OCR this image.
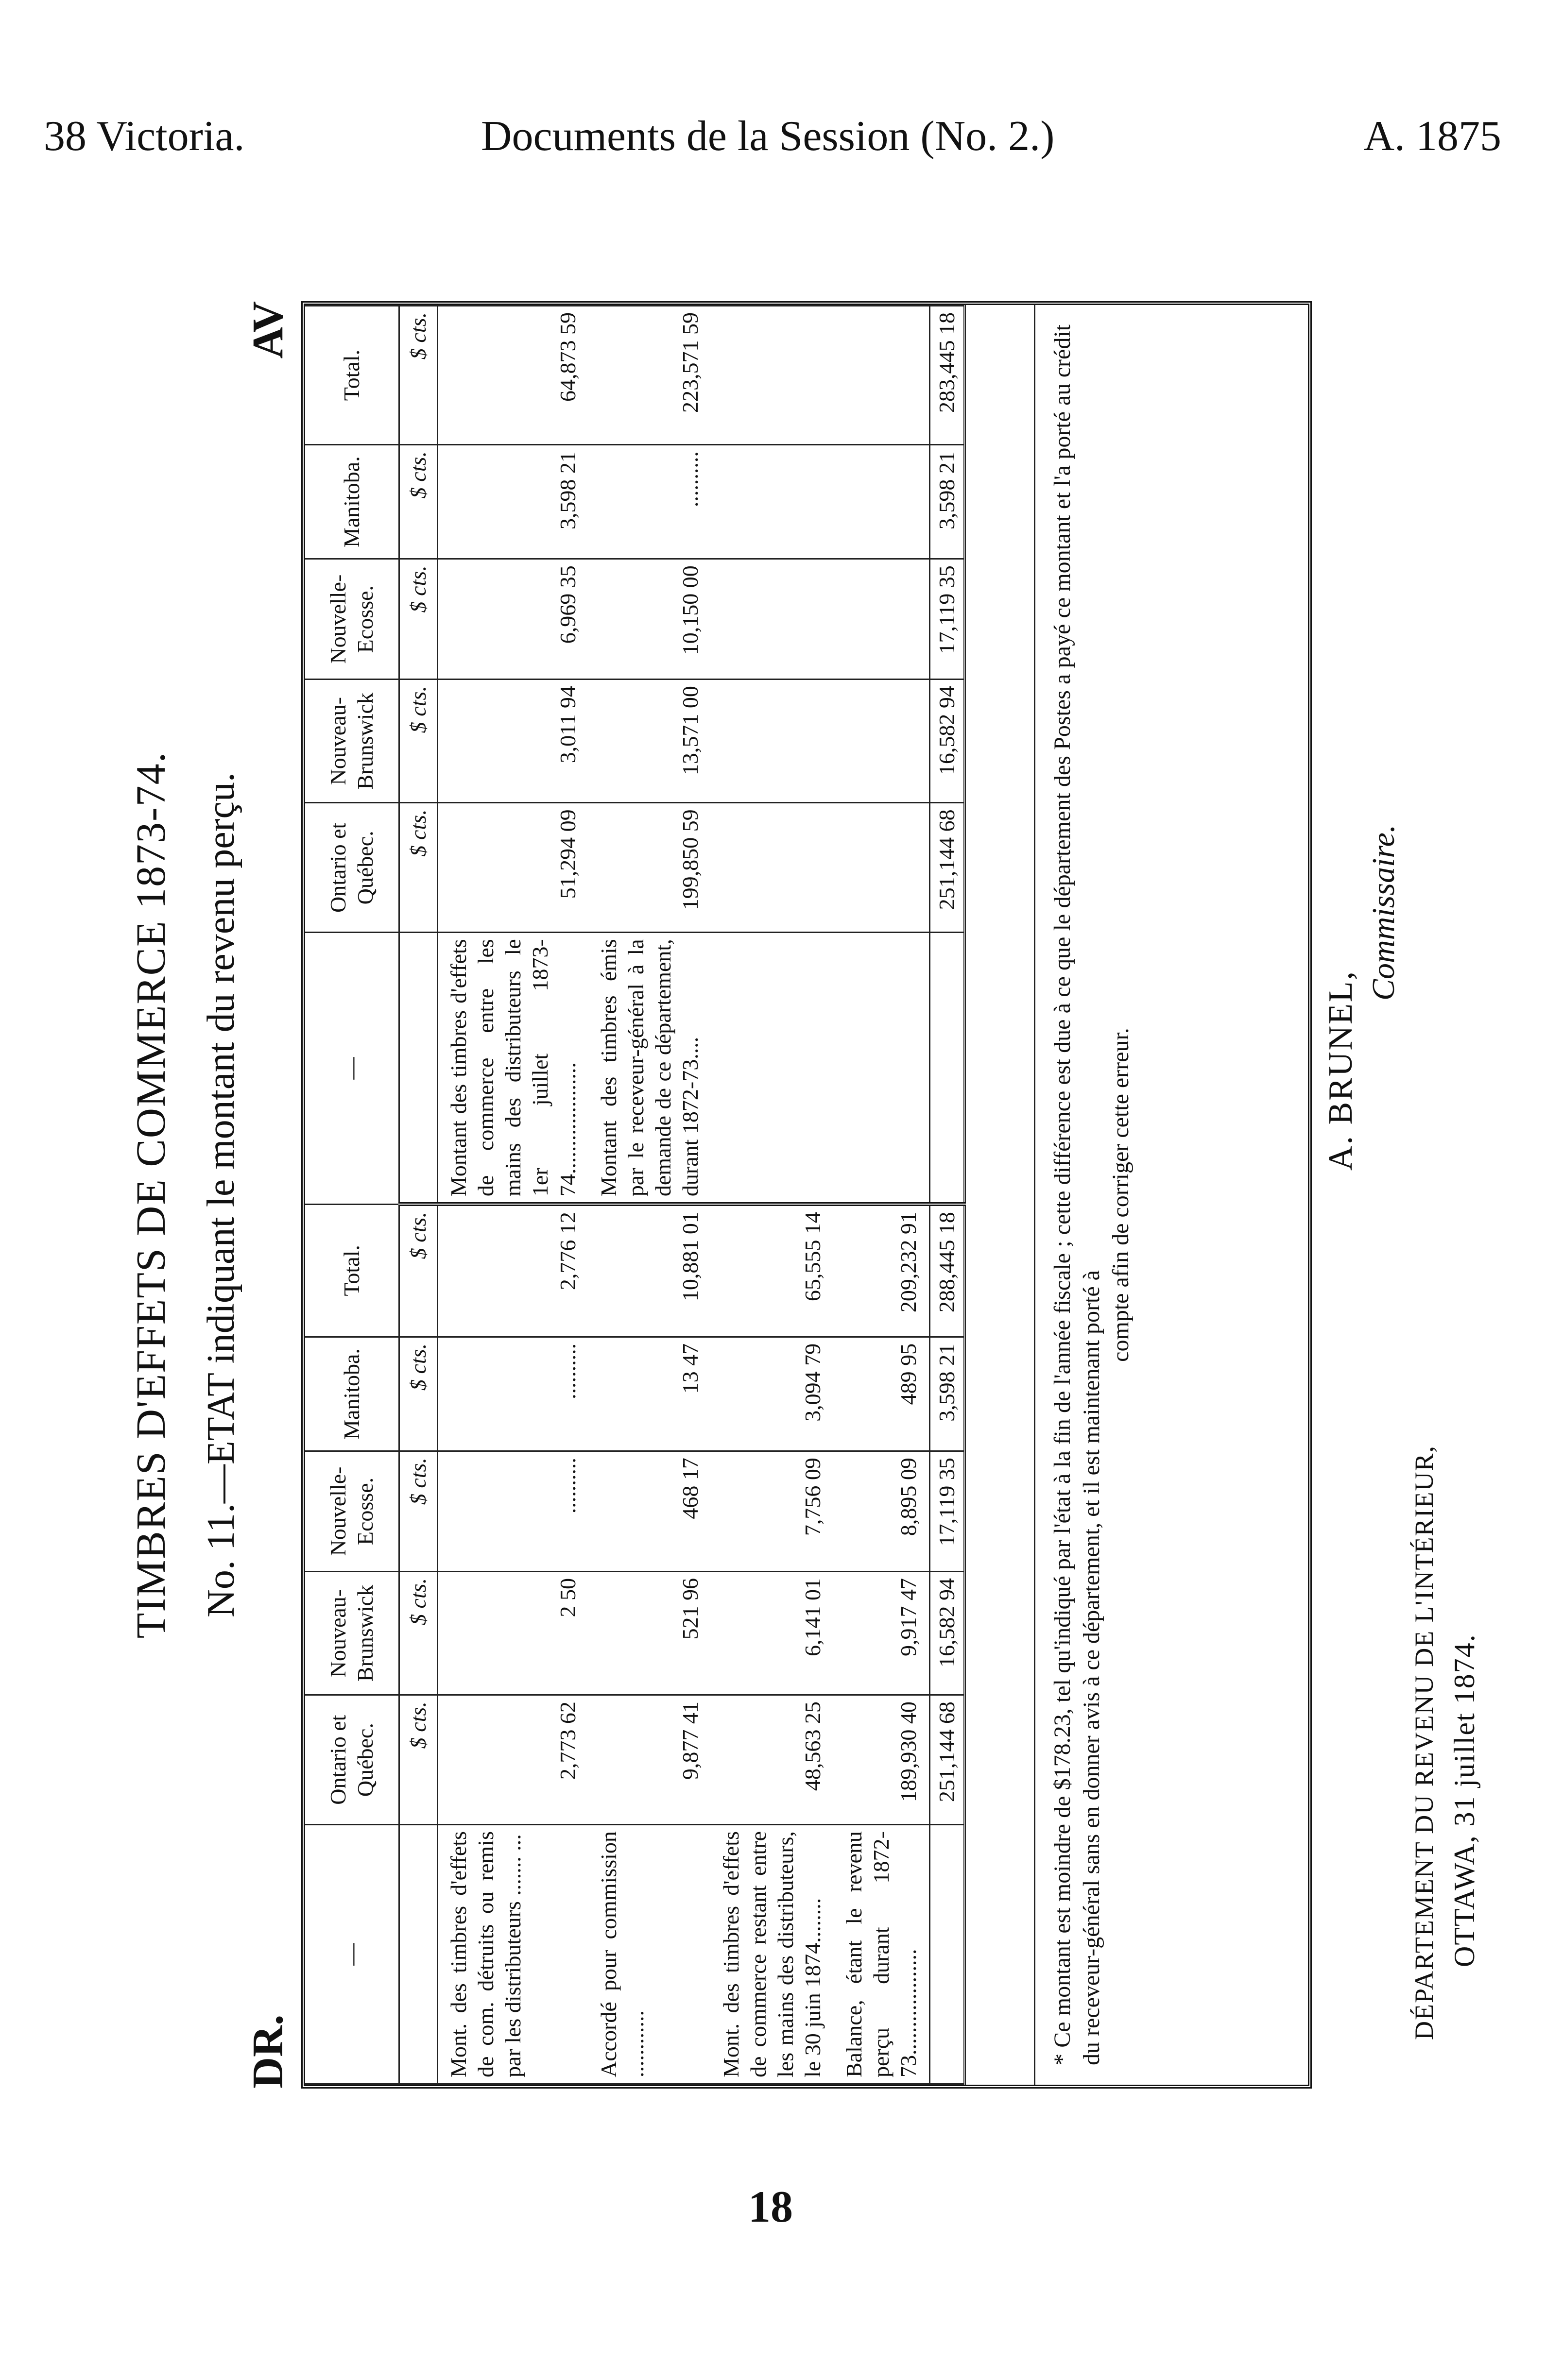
38 Victoria.	Documents de la Session (No. 2.)	A. 1875
TIMBRES D'EFFETS DE COMMERCE 1873-74. No. 11.—ETAT indiquant le montant du revenu perçu.
DR.
AV
—	Ontario et Québec.	Nouveau-Brunswick	Nouvelle-Ecosse.	Manitoba.	Total.	—	Ontario et Québec.	Nouveau-Brunswick	Nouvelle-Ecosse.	Manitoba.	Total.
	$ cts.	$ cts.	$ cts.	$ cts.	$ cts.		$ cts.	$ cts.	$ cts.	$ cts.	$ cts.
Mont. des timbres d'effets de com. détruits ou remis par les distributeurs ....... ...	2,773 62	2 50	..........	..........	2,776 12	Montant des timbres d'effets de commerce entre les mains des distributeurs le 1er juillet 1873-74....................	51,294 09	3,011 94	6,969 35	3,598 21	64,873 59
Accordé pour commission ............	9,877 41	521 96	468 17	13 47	10,881 01	Montant des timbres émis par le receveur-général à la demande de ce département, durant 1872-73....	199,850 59	13,571 00	10,150 00	..........	223,571 59
Mont. des timbres d'effets de commerce restant entre les mains des distributeurs, le 30 juin 1874........	48,563 25	6,141 01	7,756 09	3,094 79	65,555 14						
Balance, étant le revenu perçu durant 1872-73...................	189,930 40	9,917 47	8,895 09	489 95	209,232 91						
	251,144 68	16,582 94	17,119 35	3,598 21	288,445 18		251,144 68	16,582 94	17,119 35	3,598 21	283,445 18
* Ce montant est moindre de $178.23, tel qu'indiqué par l'état à la fin de l'année fiscale ; cette différence est due à ce que le département des Postes a payé ce montant et l'a porté au crédit du receveur-général sans en donner avis à ce département, et il est maintenant porté à
compte afin de corriger cette erreur.	A. BRUNEL,
Commissaire.
DÉPARTEMENT DU REVENU DE L'INTÉRIEUR, OTTAWA, 31 juillet 1874.
18
